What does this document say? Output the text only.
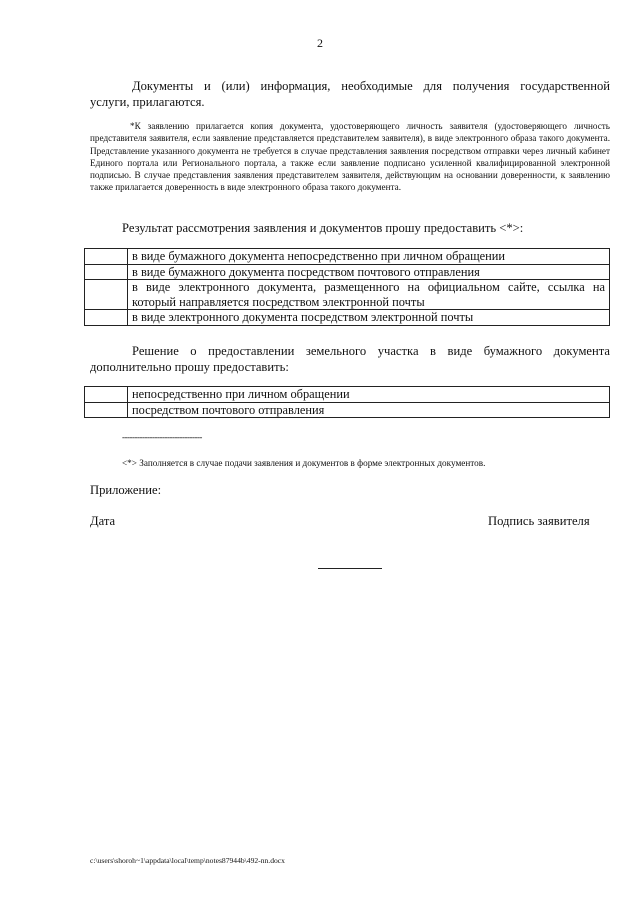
2
Документы и (или) информация, необходимые для получения государственной
услуги, прилагаются.
*К заявлению прилагается копия документа, удостоверяющего личность заявителя (удостоверяющего личность представителя заявителя, если заявление представляется представителем заявителя), в виде электронного образа такого документа. Представление указанного документа не требуется в случае представления заявления посредством отправки через личный кабинет Единого портала или Регионального портала, а также если заявление подписано усиленной квалифицированной электронной подписью. В случае представления заявления представителем заявителя, действующим на основании доверенности, к заявлению также прилагается доверенность в виде электронного образа такого документа.
Результат рассмотрения заявления и документов прошу предоставить <*>:
	в виде бумажного документа непосредственно при личном обращении
	в виде бумажного документа посредством почтового отправления
	в виде электронного документа, размещенного на официальном сайте, ссылка на который направляется посредством электронной почты
	в виде электронного документа посредством электронной почты
Решение о предоставлении земельного участка в виде бумажного документа
дополнительно прошу предоставить:
	непосредственно при личном обращении
	посредством почтового отправления
--------------------------------
<*> Заполняется в случае подачи заявления и документов в форме электронных документов.
Приложение:
Дата	Подпись заявителя
c:\users\shoroh~1\appdata\local\temp\notes87944b\492-nn.docx
